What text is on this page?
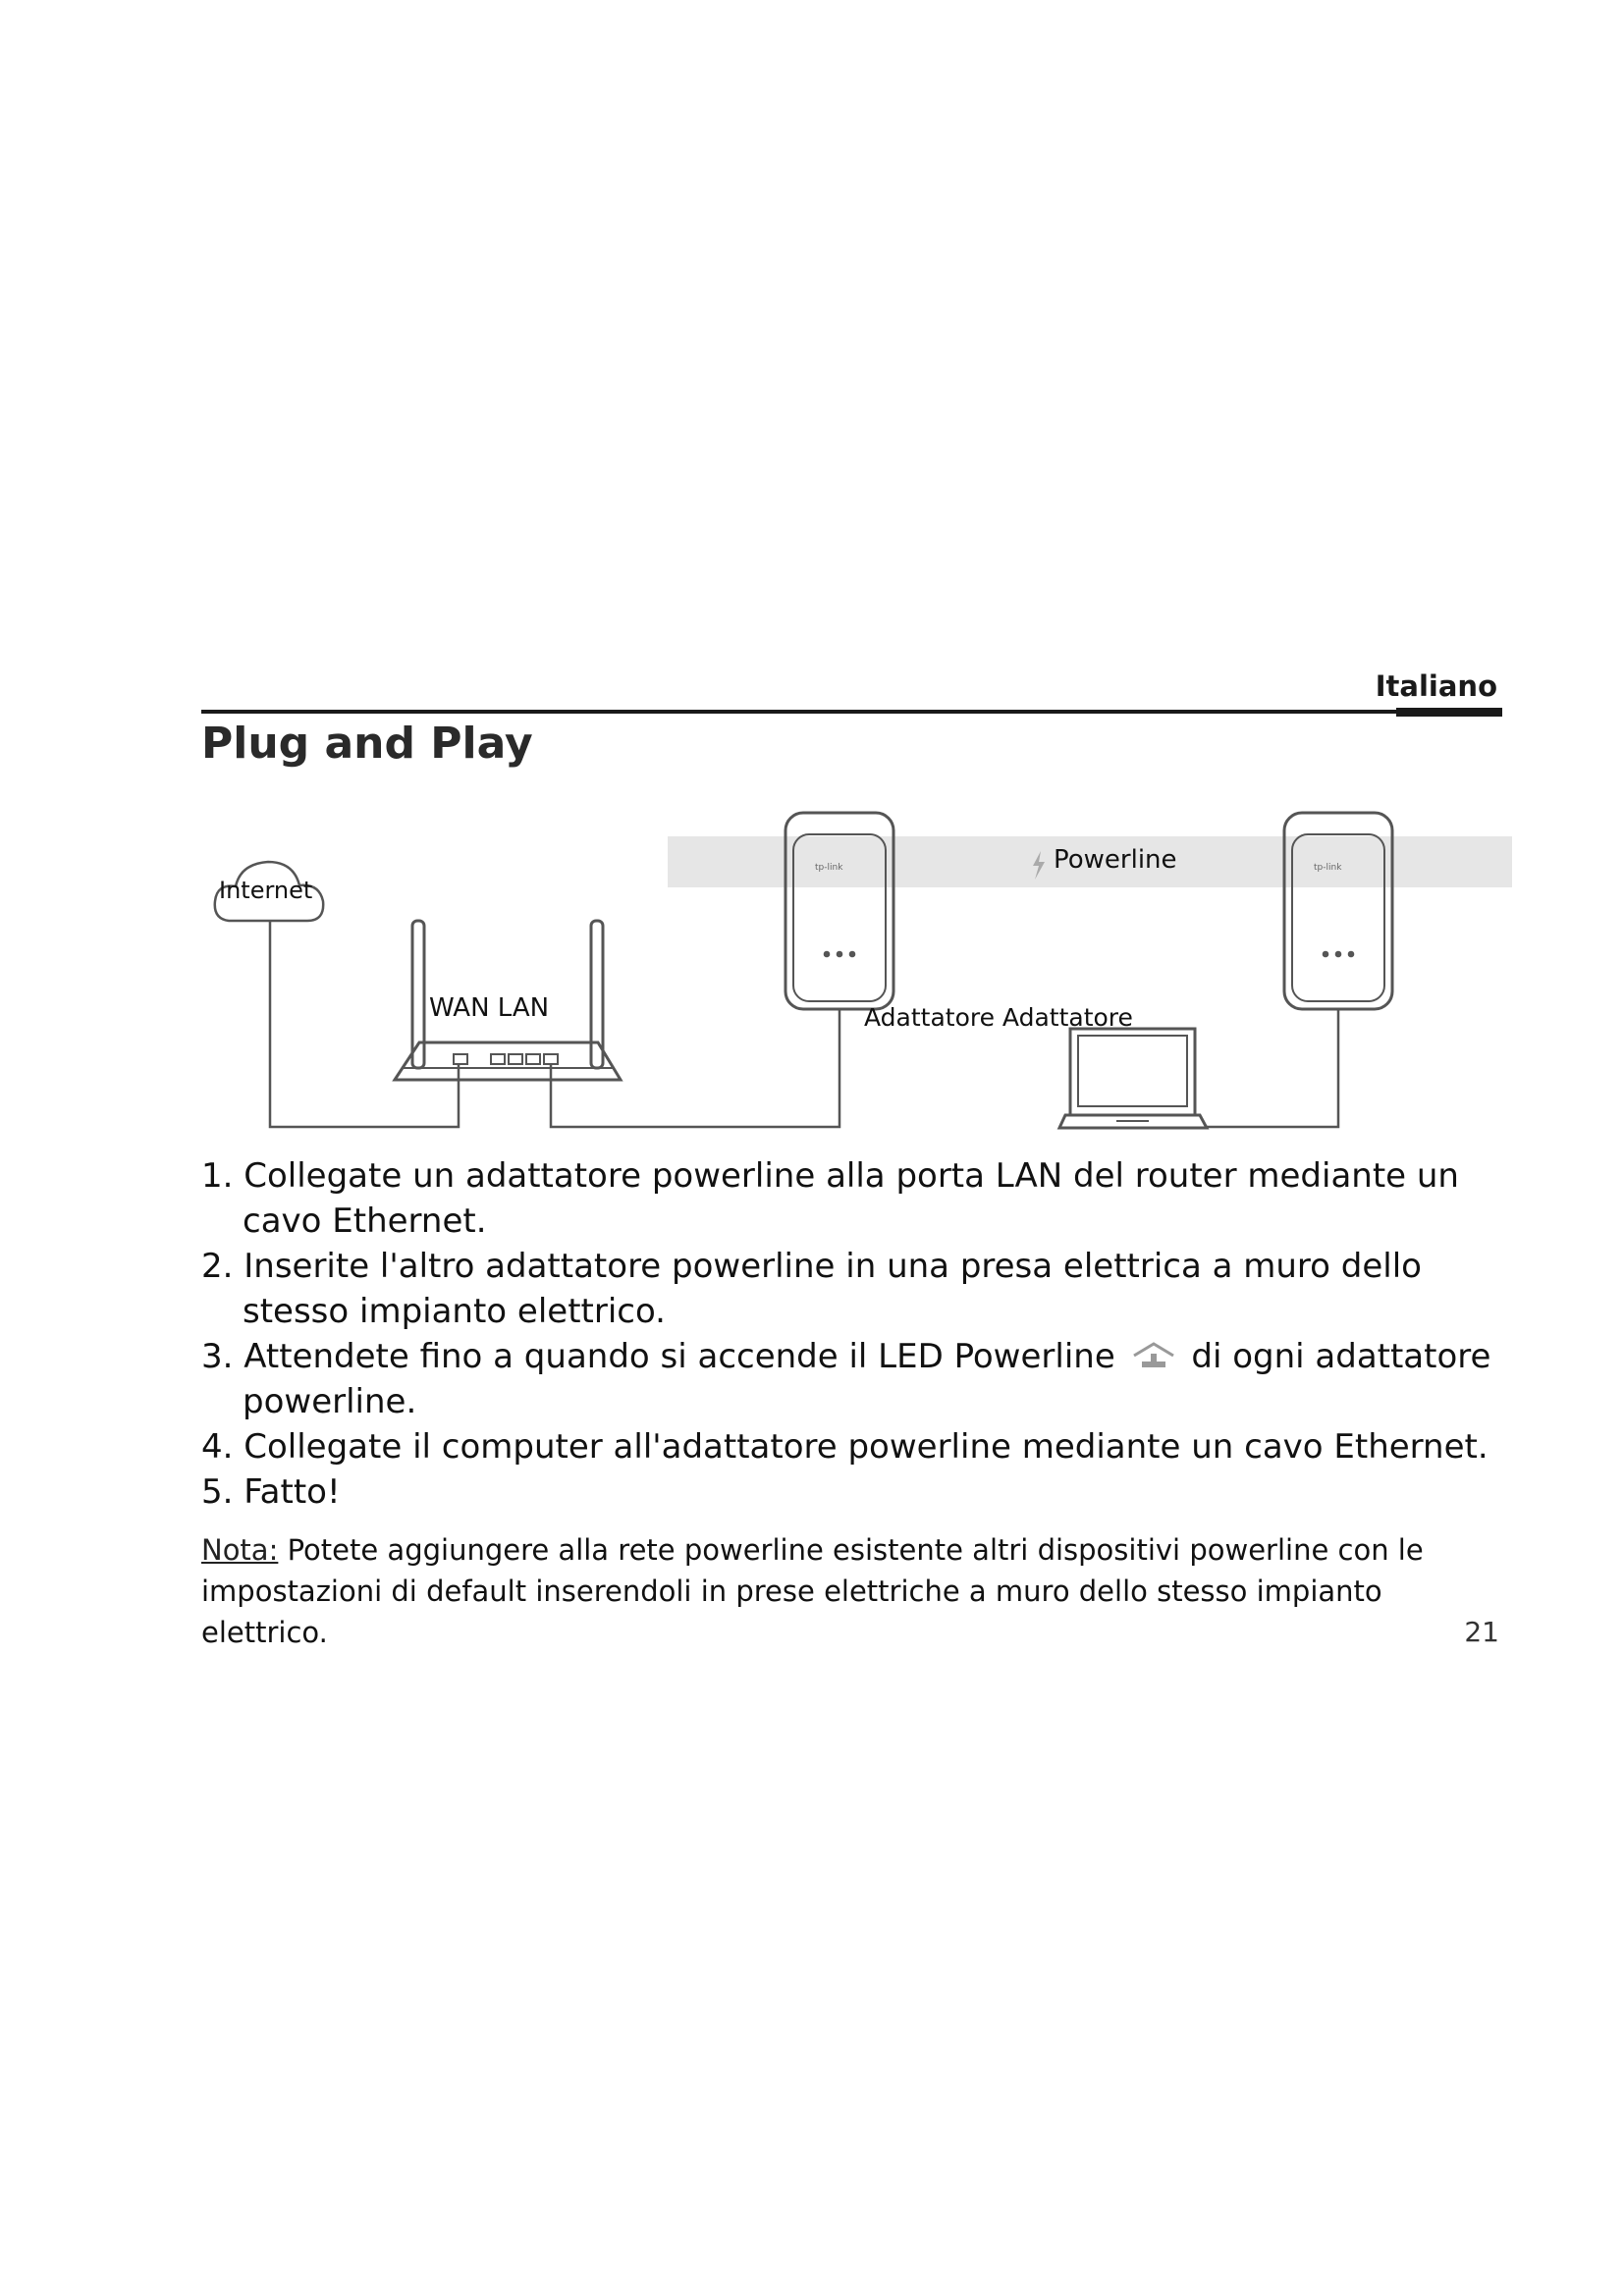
Italiano
Plug and Play
tp-link	tp-link
Internet
WAN LAN
Powerline
Adattatore Adattatore
1. Collegate un adattatore powerline alla porta LAN del router mediante un cavo Ethernet.
2. Inserite l'altro adattatore powerline in una presa elettrica a muro dello stesso impianto elettrico.
3. Attendete fino a quando si accende il LED Powerline di ogni adattatore powerline.
4. Collegate il computer all'adattatore powerline mediante un cavo Ethernet.
5. Fatto!

Nota: Potete aggiungere alla rete powerline esistente altri dispositivi powerline con le impostazioni di default inserendoli in prese elettriche a muro dello stesso impianto elettrico.	21
